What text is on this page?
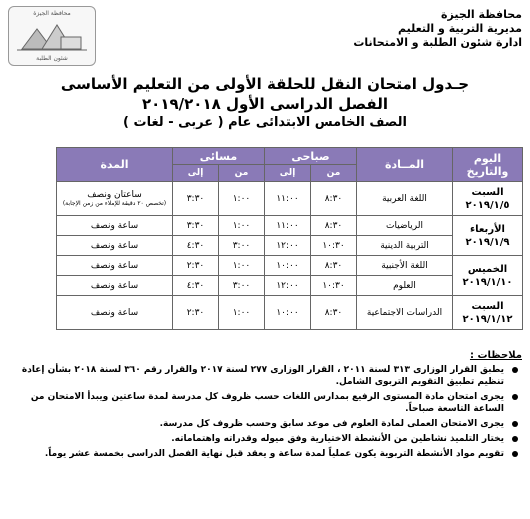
محافظة الجيزة
مديرية التربية و التعليم
ادارة شئون الطلبة و الامتحانات
محافظة الجيزة
شئون الطلبة
جـدول امتحان النقل للحلقة الأولى من التعليم الأساسى
الفصل الدراسى الأول ٢٠١٩/٢٠١٨
الصف الخامس الابتدائى عام ( عربى - لغات )
اليوم والتاريخ	المــادة	صباحى		مسائى		المدة
		من	إلى	من	إلى	
السبت
٢٠١٩/١/٥	اللغة العربية	٨:٣٠	١١:٠٠	١:٠٠	٣:٣٠	ساعتان ونصف
(تخصص ٢٠ دقيقة للإملاء من زمن الإجابة)

الأربعاء
٢٠١٩/١/٩	الرياضيات	٨:٣٠	١١:٠٠	١:٠٠	٣:٣٠	ساعة ونصف
	التربية الدينية	١٠:٣٠	١٢:٠٠	٣:٠٠	٤:٣٠	ساعة ونصف
الخميس
٢٠١٩/١/١٠	اللغة الأجنبية	٨:٣٠	١٠:٠٠	١:٠٠	٢:٣٠	ساعة ونصف
	العلوم	١٠:٣٠	١٢:٠٠	٣:٠٠	٤:٣٠	ساعة ونصف
السبت
٢٠١٩/١/١٢	الدراسات الاجتماعية	٨:٣٠	١٠:٠٠	١:٠٠	٢:٣٠	ساعة ونصف
ملاحظات :
يطبق القرار الوزارى ٣١٣ لسنة ٢٠١١ ، القرار الوزارى ٢٧٧ لسنة ٢٠١٧ والقرار رقم ٣٦٠ لسنة ٢٠١٨ بشأن إعادة تنظيم تطبيق التقويم التربوى الشامل.
يجرى امتحان مادة المستوى الرفيع بمدارس اللغات حسب ظروف كل مدرسة لمدة ساعتين ويبدأ الامتحان من الساعة التاسعة صباحاً.
يجرى الامتحان العملى لمادة العلوم فى موعد سابق وحسب ظروف كل مدرسة.
يختار التلميذ نشاطين من الأنشطة الاختيارية وفق ميوله وقدراته واهتماماته.
تقويم مواد الأنشطة التربوية يكون عملياً لمدة ساعة و يعقد قبل نهاية الفصل الدراسى بخمسة عشر يوماً.
